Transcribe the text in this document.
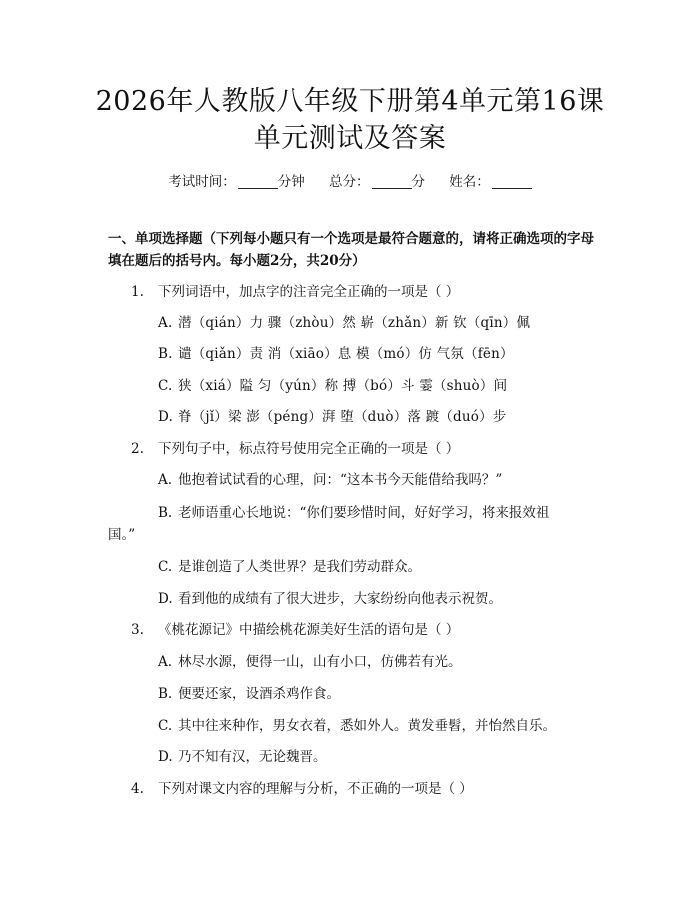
2026年人教版八年级下册第4单元第16课
单元测试及答案
考试时间：	分钟 总分：	分 姓名：
一、单项选择题（下列每小题只有一个选项是最符合题意的，请将正确选项的字母填在题后的括号内。每小题2分，共20分）
1. 下列词语中，加点字的注音完全正确的一项是（ ）
A. 潜（qián）力 骤（zhòu）然 崭（zhǎn）新 钦（qīn）佩
B. 谴（qiǎn）责 消（xiāo）息 模（mó）仿 气氛（fēn）
C. 狭（xiá）隘 匀（yún）称 搏（bó）斗 霎（shuò）间
D. 脊（jǐ）梁 澎（péng）湃 堕（duò）落 踱（duó）步
2. 下列句子中，标点符号使用完全正确的一项是（ ）
A. 他抱着试试看的心理，问：“这本书今天能借给我吗？”
B. 老师语重心长地说：“你们要珍惜时间，好好学习，将来报效祖
国。”
C. 是谁创造了人类世界？是我们劳动群众。
D. 看到他的成绩有了很大进步，大家纷纷向他表示祝贺。
3. 《桃花源记》中描绘桃花源美好生活的语句是（ ）
A. 林尽水源，便得一山，山有小口，仿佛若有光。
B. 便要还家，设酒杀鸡作食。
C. 其中往来种作，男女衣着，悉如外人。黄发垂髫，并怡然自乐。
D. 乃不知有汉，无论魏晋。
4. 下列对课文内容的理解与分析，不正确的一项是（ ）
